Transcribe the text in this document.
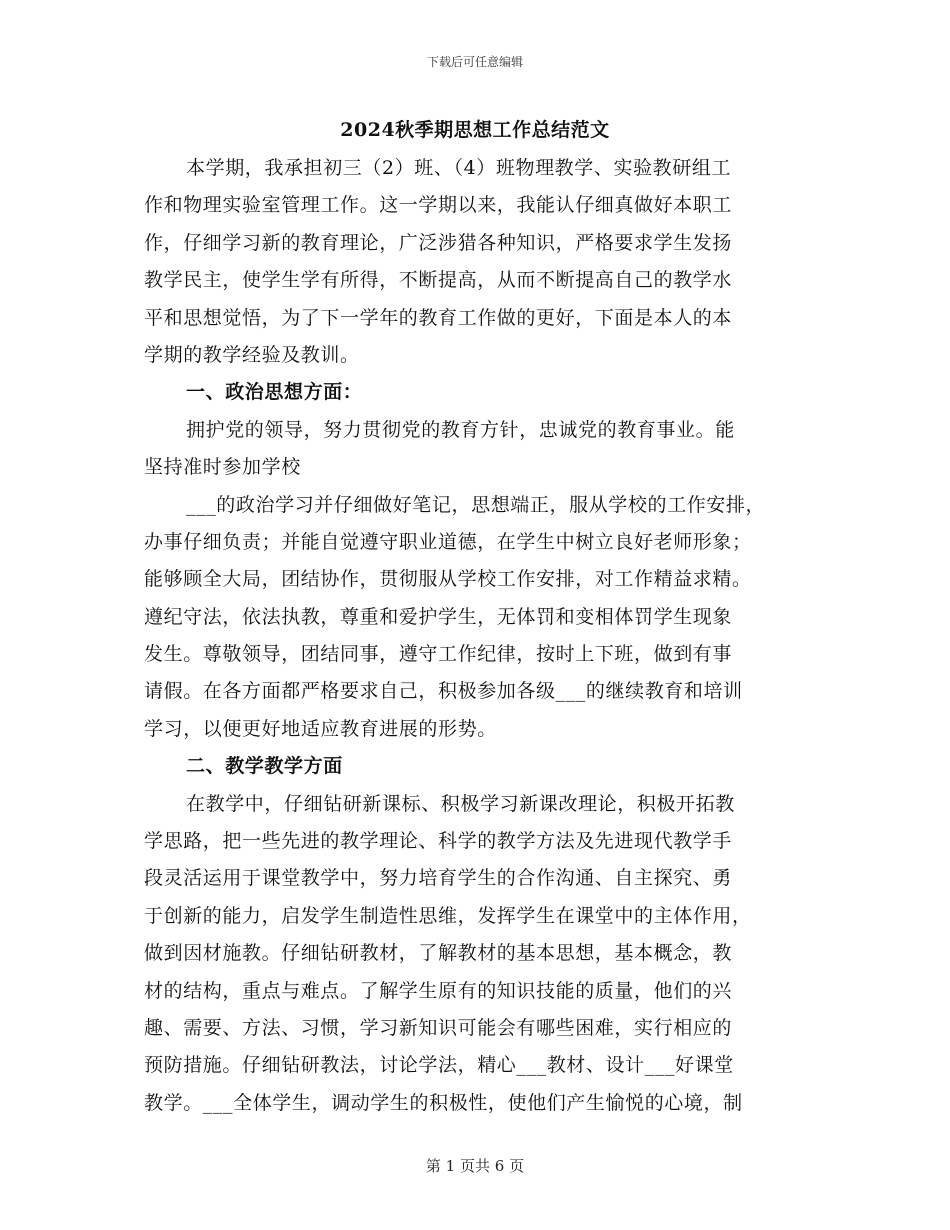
下载后可任意编辑
2024秋季期思想工作总结范文
本学期，我承担初三（2）班、（4）班物理教学、实验教研组工
作和物理实验室管理工作。这一学期以来，我能认仔细真做好本职工
作，仔细学习新的教育理论，广泛涉猎各种知识，严格要求学生发扬
教学民主，使学生学有所得，不断提高，从而不断提高自己的教学水
平和思想觉悟，为了下一学年的教育工作做的更好，下面是本人的本
学期的教学经验及教训。
一、政治思想方面：
拥护党的领导，努力贯彻党的教育方针，忠诚党的教育事业。能
坚持准时参加学校
___的政治学习并仔细做好笔记，思想端正，服从学校的工作安排，
办事仔细负责；并能自觉遵守职业道德，在学生中树立良好老师形象；
能够顾全大局，团结协作，贯彻服从学校工作安排，对工作精益求精。
遵纪守法，依法执教，尊重和爱护学生，无体罚和变相体罚学生现象
发生。尊敬领导，团结同事，遵守工作纪律，按时上下班，做到有事
请假。在各方面都严格要求自己，积极参加各级___的继续教育和培训
学习，以便更好地适应教育进展的形势。
二、教学教学方面
在教学中，仔细钻研新课标、积极学习新课改理论，积极开拓教
学思路，把一些先进的教学理论、科学的教学方法及先进现代教学手
段灵活运用于课堂教学中，努力培育学生的合作沟通、自主探究、勇
于创新的能力，启发学生制造性思维，发挥学生在课堂中的主体作用，
做到因材施教。仔细钻研教材，了解教材的基本思想，基本概念，教
材的结构，重点与难点。了解学生原有的知识技能的质量，他们的兴
趣、需要、方法、习惯，学习新知识可能会有哪些困难，实行相应的
预防措施。仔细钻研教法，讨论学法，精心___教材、设计___好课堂
教学。___全体学生，调动学生的积极性，使他们产生愉悦的心境，制
第 1 页共 6 页
